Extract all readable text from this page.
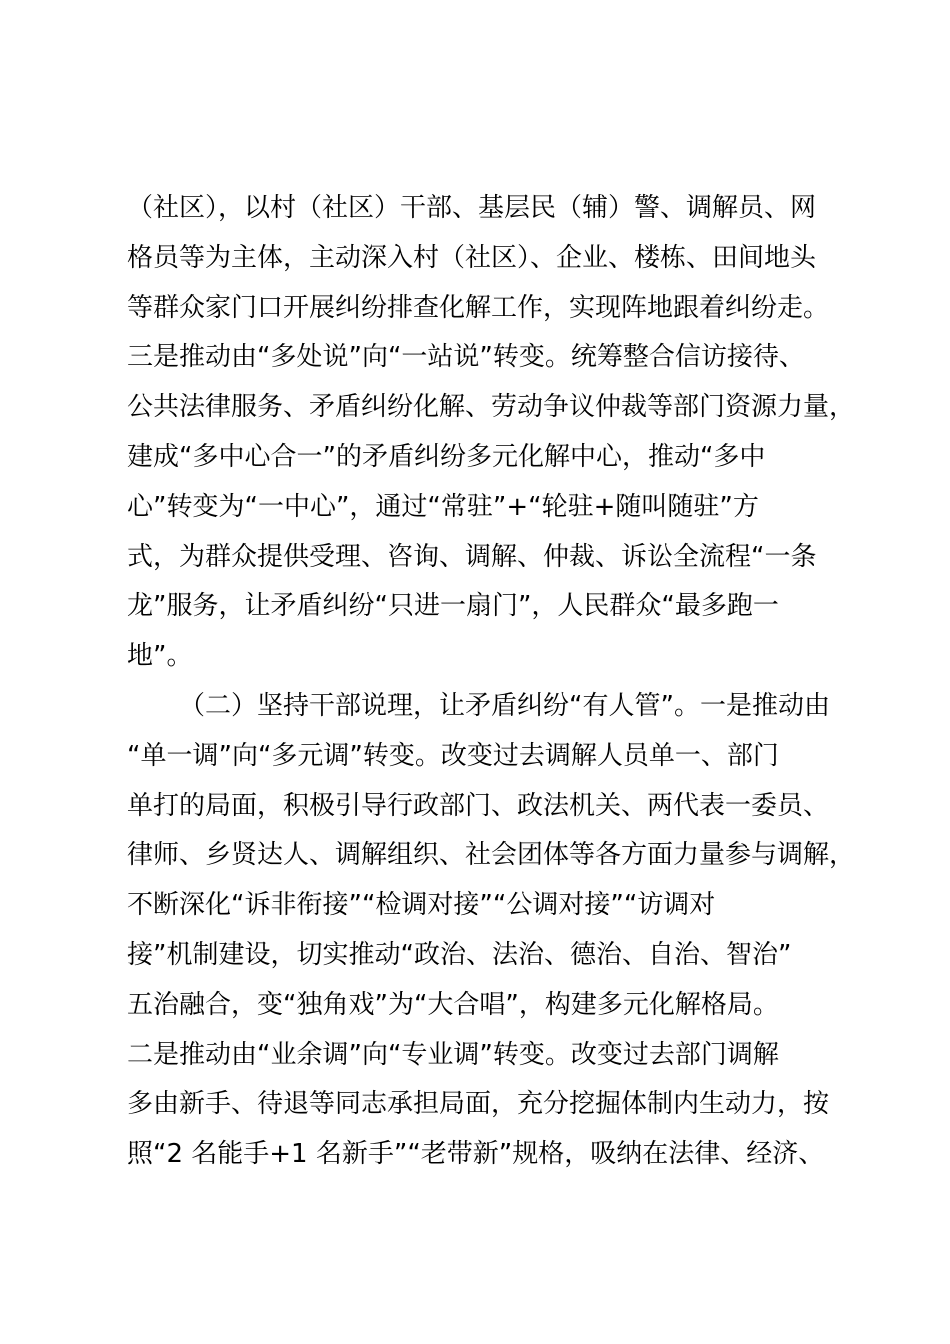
（社区），以村（社区）干部、基层民（辅）警、调解员、网
格员等为主体，主动深入村（社区）、企业、楼栋、田间地头
等群众家门口开展纠纷排查化解工作，实现阵地跟着纠纷走。
三是推动由“多处说”向“一站说”转变。统筹整合信访接待、
公共法律服务、矛盾纠纷化解、劳动争议仲裁等部门资源力量，
建成“多中心合一”的矛盾纠纷多元化解中心，推动“多中
心”转变为“一中心”，通过“常驻”+“轮驻+随叫随驻”方
式，为群众提供受理、咨询、调解、仲裁、诉讼全流程“一条
龙”服务，让矛盾纠纷“只进一扇门”，人民群众“最多跑一
地”。
（二）坚持干部说理，让矛盾纠纷“有人管”。一是推动由
“单一调”向“多元调”转变。改变过去调解人员单一、部门
单打的局面，积极引导行政部门、政法机关、两代表一委员、
律师、乡贤达人、调解组织、社会团体等各方面力量参与调解，
不断深化“诉非衔接”“检调对接”“公调对接”“访调对
接”机制建设，切实推动“政治、法治、德治、自治、智治”
五治融合，变“独角戏”为“大合唱”，构建多元化解格局。
二是推动由“业余调”向“专业调”转变。改变过去部门调解
多由新手、待退等同志承担局面，充分挖掘体制内生动力，按
照“2 名能手+1 名新手”“老带新”规格，吸纳在法律、经济、
